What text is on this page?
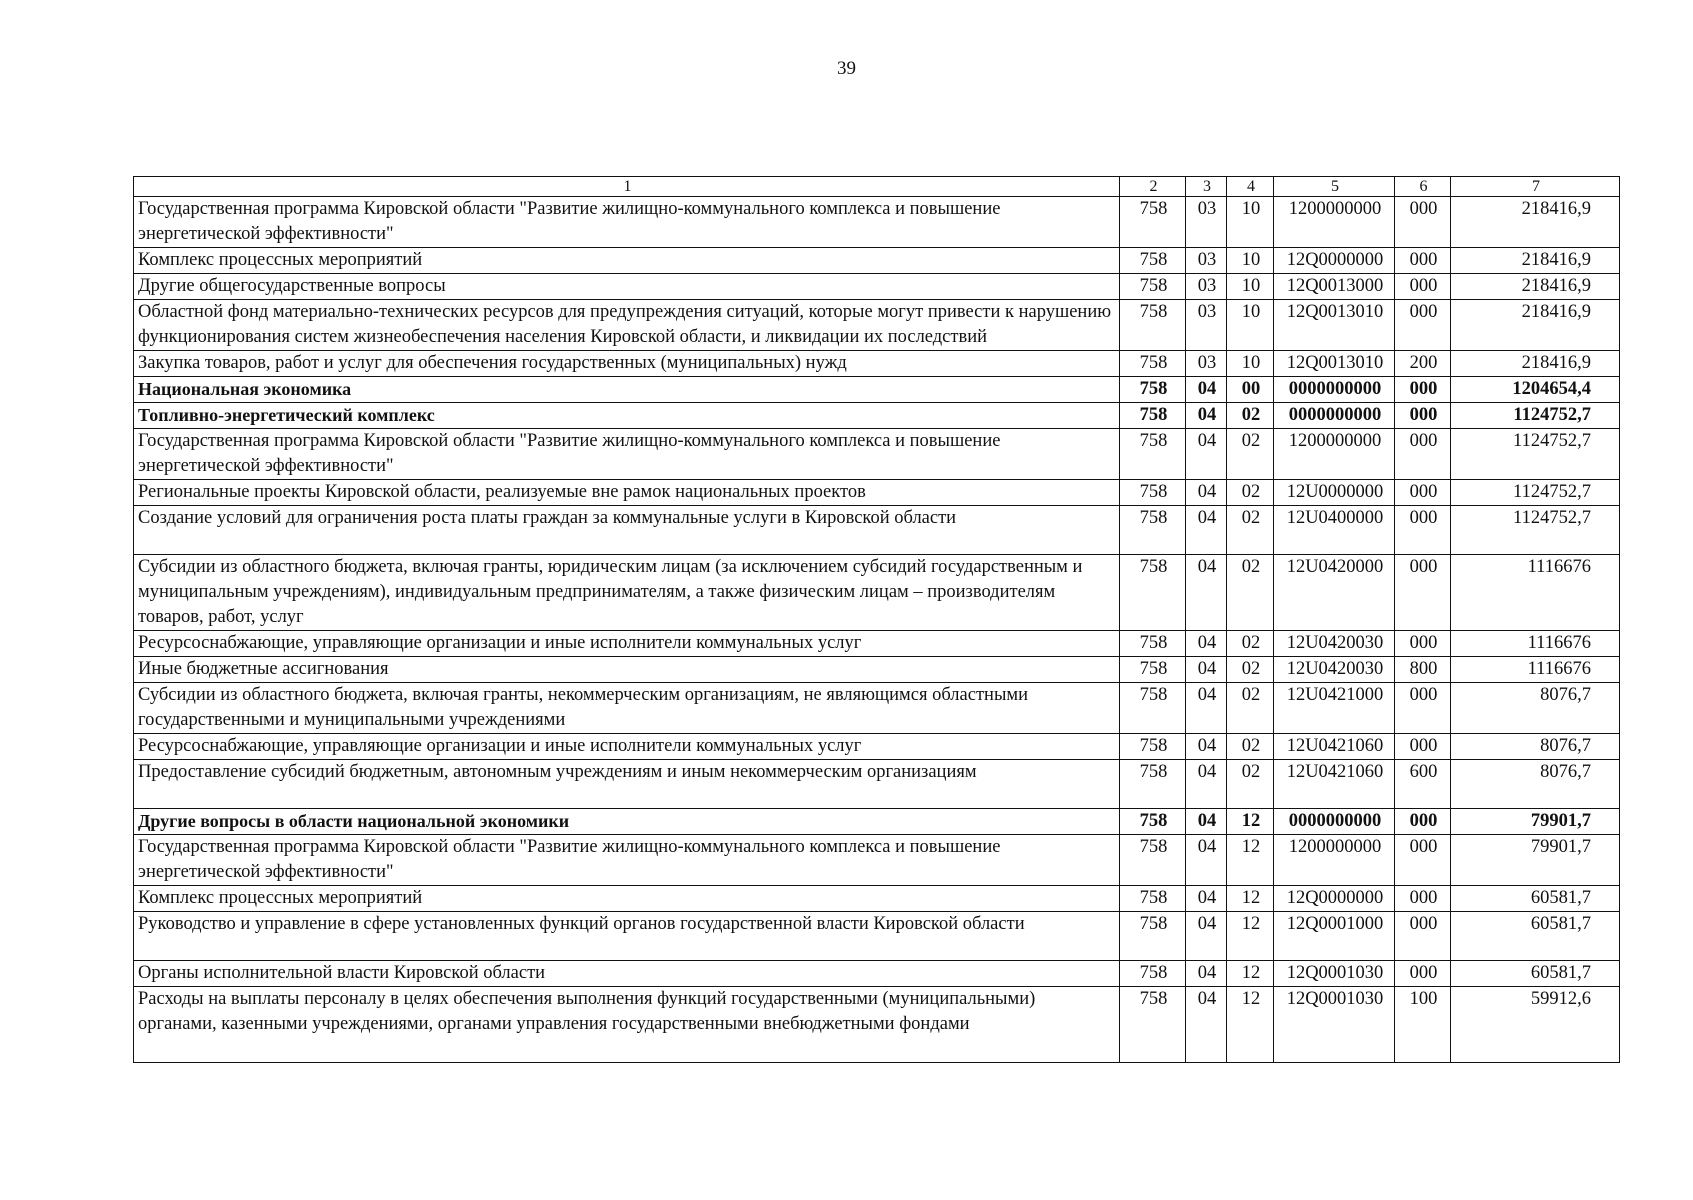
39
1	2	3	4	5	6	7
Государственная программа Кировской области "Развитие жилищно-коммунального комплекса и повышение энергетической эффективности"	758	03	10	1200000000	000	218416,9
Комплекс процессных мероприятий	758	03	10	12Q0000000	000	218416,9
Другие общегосударственные вопросы	758	03	10	12Q0013000	000	218416,9
Областной фонд материально-технических ресурсов для предупреждения ситуаций, которые могут привести к нарушению функционирования систем жизнеобеспечения населения Кировской области, и ликвидации их последствий	758	03	10	12Q0013010	000	218416,9
Закупка товаров, работ и услуг для обеспечения государственных (муниципальных) нужд	758	03	10	12Q0013010	200	218416,9
Национальная экономика	758	04	00	0000000000	000	1204654,4
Топливно-энергетический комплекс	758	04	02	0000000000	000	1124752,7
Государственная программа Кировской области "Развитие жилищно-коммунального комплекса и повышение энергетической эффективности"	758	04	02	1200000000	000	1124752,7
Региональные проекты Кировской области, реализуемые вне рамок национальных проектов	758	04	02	12U0000000	000	1124752,7
Создание условий для ограничения роста платы граждан за коммунальные услуги в Кировской области	758	04	02	12U0400000	000	1124752,7
Субсидии из областного бюджета, включая гранты, юридическим лицам (за исключением субсидий государственным и муниципальным учреждениям), индивидуальным предпринимателям, а также физическим лицам – производителям товаров, работ, услуг	758	04	02	12U0420000	000	1116676
Ресурсоснабжающие, управляющие организации и иные исполнители коммунальных услуг	758	04	02	12U0420030	000	1116676
Иные бюджетные ассигнования	758	04	02	12U0420030	800	1116676
Субсидии из областного бюджета, включая гранты, некоммерческим организациям, не являющимся областными государственными и муниципальными учреждениями	758	04	02	12U0421000	000	8076,7
Ресурсоснабжающие, управляющие организации и иные исполнители коммунальных услуг	758	04	02	12U0421060	000	8076,7
Предоставление субсидий бюджетным, автономным учреждениям и иным некоммерческим организациям	758	04	02	12U0421060	600	8076,7
Другие вопросы в области национальной экономики	758	04	12	0000000000	000	79901,7
Государственная программа Кировской области "Развитие жилищно-коммунального комплекса и повышение энергетической эффективности"	758	04	12	1200000000	000	79901,7
Комплекс процессных мероприятий	758	04	12	12Q0000000	000	60581,7
Руководство и управление в сфере установленных функций органов государственной власти Кировской области	758	04	12	12Q0001000	000	60581,7
Органы исполнительной власти Кировской области	758	04	12	12Q0001030	000	60581,7
Расходы на выплаты персоналу в целях обеспечения выполнения функций государственными (муниципальными) органами, казенными учреждениями, органами управления государственными внебюджетными фондами	758	04	12	12Q0001030	100	59912,6
